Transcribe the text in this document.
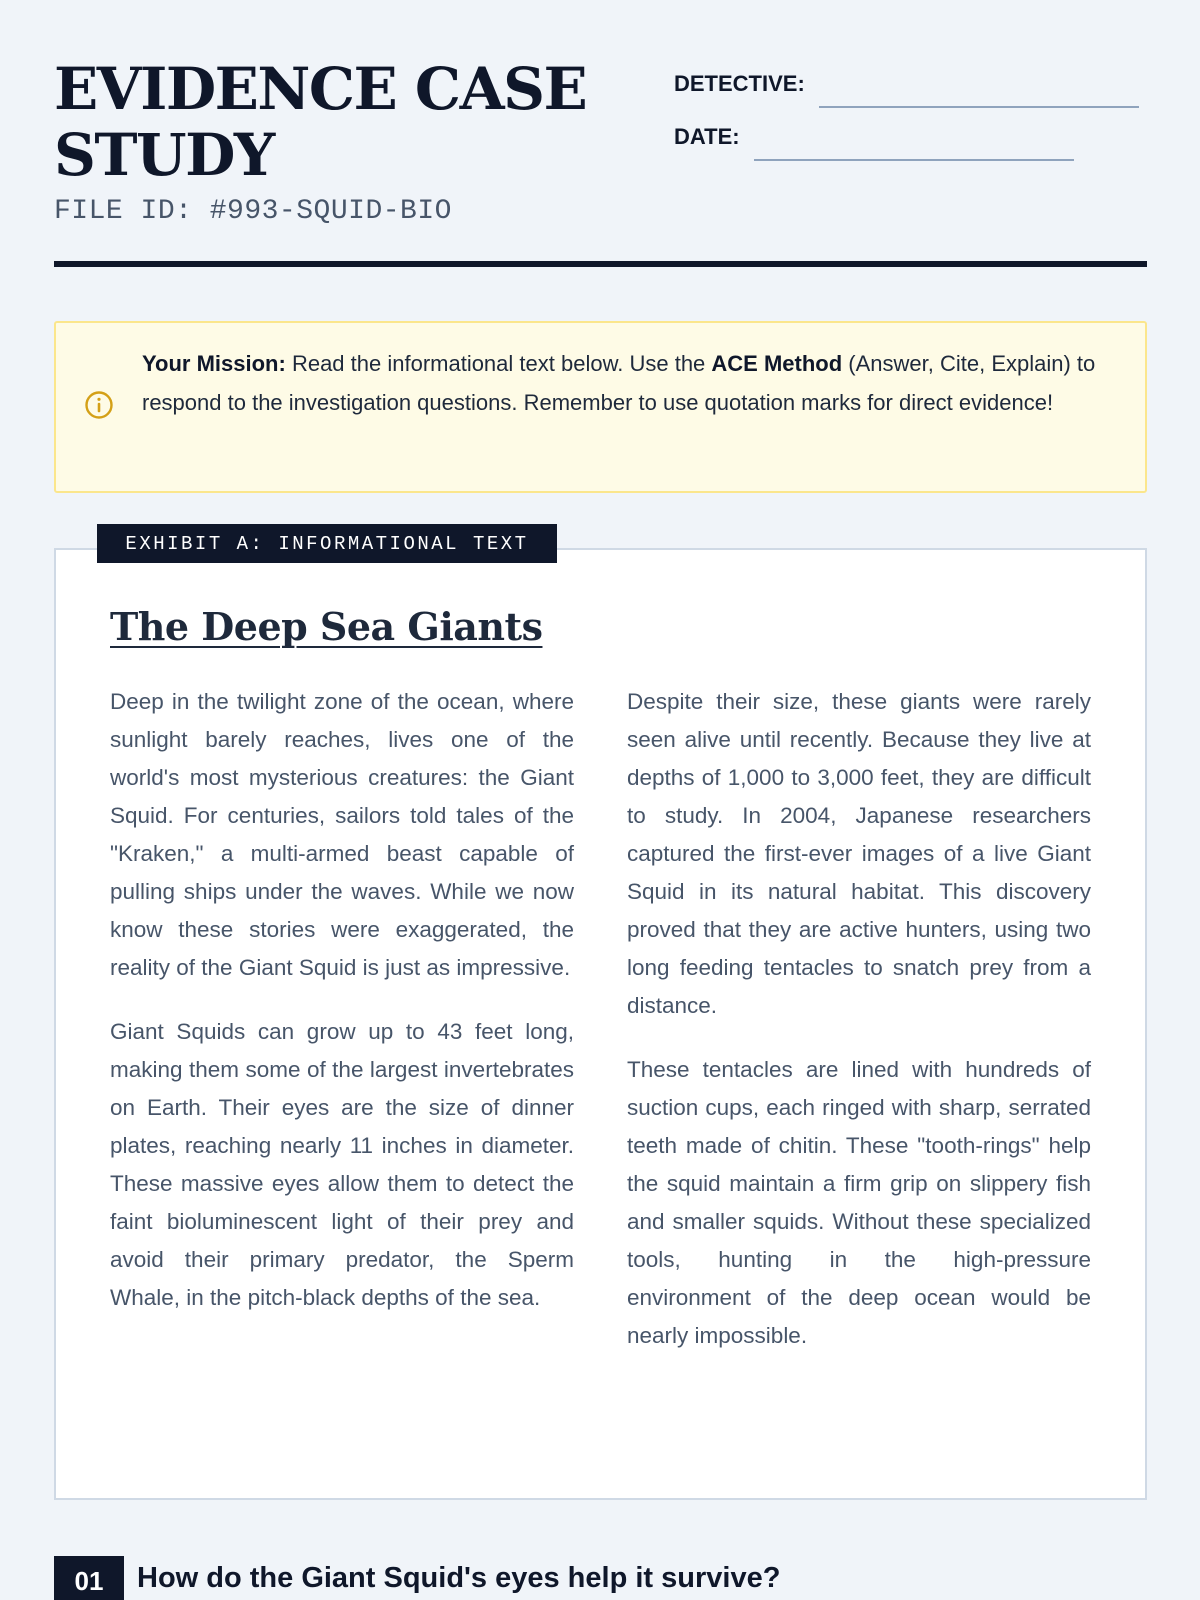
EVIDENCE CASE
STUDY
FILE ID: #993-SQUID-BIO
DETECTIVE:
DATE:
Your Mission: Read the informational text below. Use the ACE Method (Answer, Cite, Explain) to respond to the investigation questions. Remember to use quotation marks for direct evidence!
EXHIBIT A: INFORMATIONAL TEXT
The Deep Sea Giants

Deep in the twilight zone of the ocean, where sunlight barely reaches, lives one of the world's most mysterious creatures: the Giant Squid. For centuries, sailors told tales of the "Kraken," a multi-armed beast capable of pulling ships under the waves. While we now know these stories were exaggerated, the reality of the Giant Squid is just as impressive.

Giant Squids can grow up to 43 feet long, making them some of the largest invertebrates on Earth. Their eyes are the size of dinner plates, reaching nearly 11 inches in diameter. These massive eyes allow them to detect the faint bioluminescent light of their prey and avoid their primary predator, the Sperm Whale, in the pitch-black depths of the sea.

Despite their size, these giants were rarely seen alive until recently. Because they live at depths of 1,000 to 3,000 feet, they are difficult to study. In 2004, Japanese researchers captured the first-ever images of a live Giant Squid in its natural habitat. This discovery proved that they are active hunters, using two long feeding tentacles to snatch prey from a distance.

These tentacles are lined with hundreds of suction cups, each ringed with sharp, serrated teeth made of chitin. These "tooth-rings" help the squid maintain a firm grip on slippery fish and smaller squids. Without these specialized tools, hunting in the high-pressure environment of the deep ocean would be nearly impossible.

01	How do the Giant Squid's eyes help it survive?
